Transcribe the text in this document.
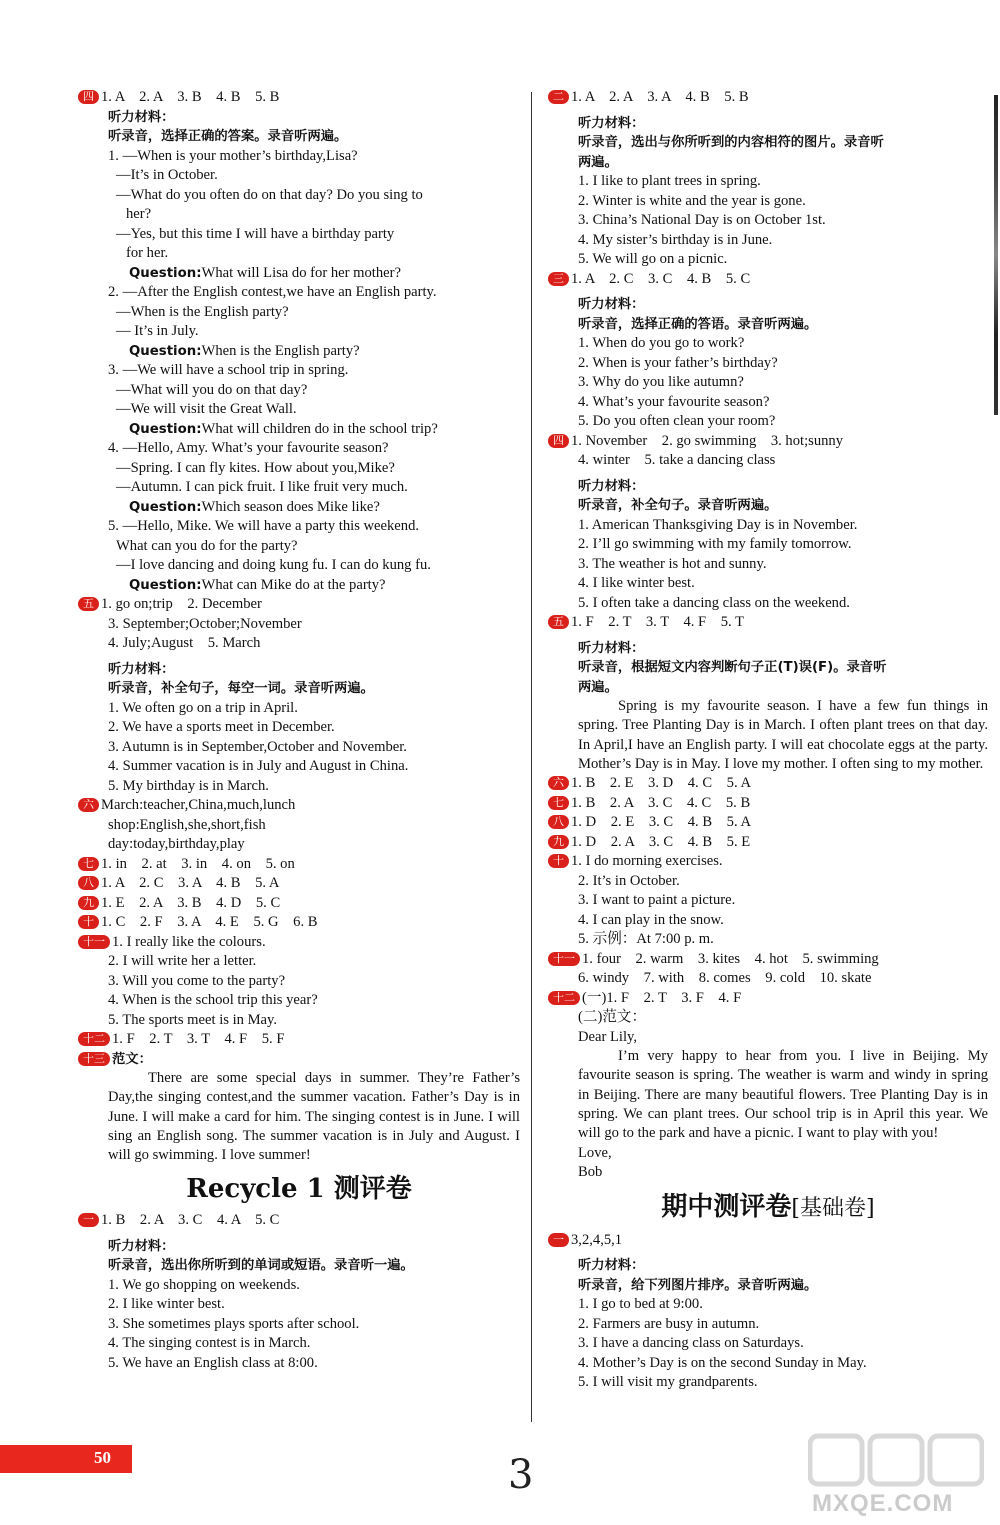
四 1. A　2. A　3. B　4. B　5. B
听力材料：
听录音，选择正确的答案。录音听两遍。
1. —When is your mother’s birthday,Lisa?
—It’s in October.
—What do you often do on that day? Do you sing to
her?
—Yes, but this time I will have a birthday party
for her.
Question:What will Lisa do for her mother?
2. —After the English contest,we have an English party.
—When is the English party?
— It’s in July.
Question:When is the English party?
3. —We will have a school trip in spring.
—What will you do on that day?
—We will visit the Great Wall.
Question:What will children do in the school trip?
4. —Hello, Amy. What’s your favourite season?
—Spring. I can fly kites. How about you,Mike?
—Autumn. I can pick fruit. I like fruit very much.
Question:Which season does Mike like?
5. —Hello, Mike. We will have a party this weekend.
What can you do for the party?
—I love dancing and doing kung fu. I can do kung fu.
Question:What can Mike do at the party?
五 1. go on;trip　2. December
3. September;October;November
4. July;August　5. March
听力材料：
听录音，补全句子，每空一词。录音听两遍。
1. We often go on a trip in April.
2. We have a sports meet in December.
3. Autumn is in September,October and November.
4. Summer vacation is in July and August in China.
5. My birthday is in March.
六 March:teacher,China,much,lunch
shop:English,she,short,fish
day:today,birthday,play
七 1. in　2. at　3. in　4. on　5. on
八 1. A　2. C　3. A　4. B　5. A
九 1. E　2. A　3. B　4. D　5. C
十 1. C　2. F　3. A　4. E　5. G　6. B
十一 1. I really like the colours.
2. I will write her a letter.
3. Will you come to the party?
4. When is the school trip this year?
5. The sports meet is in May.
十二 1. F　2. T　3. T　4. F　5. F
十三 范文：
There are some special days in summer. They’re Father’s Day,the singing contest,and the summer vacation. Father’s Day is in June. I will make a card for him. The singing contest is in June. I will sing an English song. The summer vacation is in July and August. I will go swimming. I love summer!
Recycle 1 测评卷
一 1. B　2. A　3. C　4. A　5. C
听力材料：
听录音，选出你所听到的单词或短语。录音听一遍。
1. We go shopping on weekends.
2. I like winter best.
3. She sometimes plays sports after school.
4. The singing contest is in March.
5. We have an English class at 8:00.
二 1. A　2. A　3. A　4. B　5. B
听力材料：
听录音，选出与你所听到的内容相符的图片。录音听
两遍。
1. I like to plant trees in spring.
2. Winter is white and the year is gone.
3. China’s National Day is on October 1st.
4. My sister’s birthday is in June.
5. We will go on a picnic.
三 1. A　2. C　3. C　4. B　5. C
听力材料：
听录音，选择正确的答语。录音听两遍。
1. When do you go to work?
2. When is your father’s birthday?
3. Why do you like autumn?
4. What’s your favourite season?
5. Do you often clean your room?
四 1. November　2. go swimming　3. hot;sunny
4. winter　5. take a dancing class
听力材料：
听录音，补全句子。录音听两遍。
1. American Thanksgiving Day is in November.
2. I’ll go swimming with my family tomorrow.
3. The weather is hot and sunny.
4. I like winter best.
5. I often take a dancing class on the weekend.
五 1. F　2. T　3. T　4. F　5. T
听力材料：
听录音，根据短文内容判断句子正(T)误(F)。录音听
两遍。
Spring is my favourite season. I have a few fun things in spring. Tree Planting Day is in March. I often plant trees on that day. In April,I have an English party. I will eat chocolate eggs at the party. Mother’s Day is in May. I love my mother. I often sing to my mother.
六 1. B　2. E　3. D　4. C　5. A
七 1. B　2. A　3. C　4. C　5. B
八 1. D　2. E　3. C　4. B　5. A
九 1. D　2. A　3. C　4. B　5. E
十 1. I do morning exercises.
2. It’s in October.
3. I want to paint a picture.
4. I can play in the snow.
5. 示例：At 7:00 p. m.
十一 1. four　2. warm　3. kites　4. hot　5. swimming
6. windy　7. with　8. comes　9. cold　10. skate
十二 (一)1. F　2. T　3. F　4. F
(二)范文：
Dear Lily,
I’m very happy to hear from you. I live in Beijing. My favourite season is spring. The weather is warm and windy in spring in Beijing. There are many beautiful flowers. Tree Planting Day is in spring. We can plant trees. Our school trip is in April this year. We will go to the park and have a picnic. I want to play with you!
Love,
Bob
期中测评卷[基础卷]
一 3,2,4,5,1
听力材料：
听录音，给下列图片排序。录音听两遍。
1. I go to bed at 9:00.
2. Farmers are busy in autumn.
3. I have a dancing class on Saturdays.
4. Mother’s Day is on the second Sunday in May.
5. I will visit my grandparents.
50	3
MXQE.COM
